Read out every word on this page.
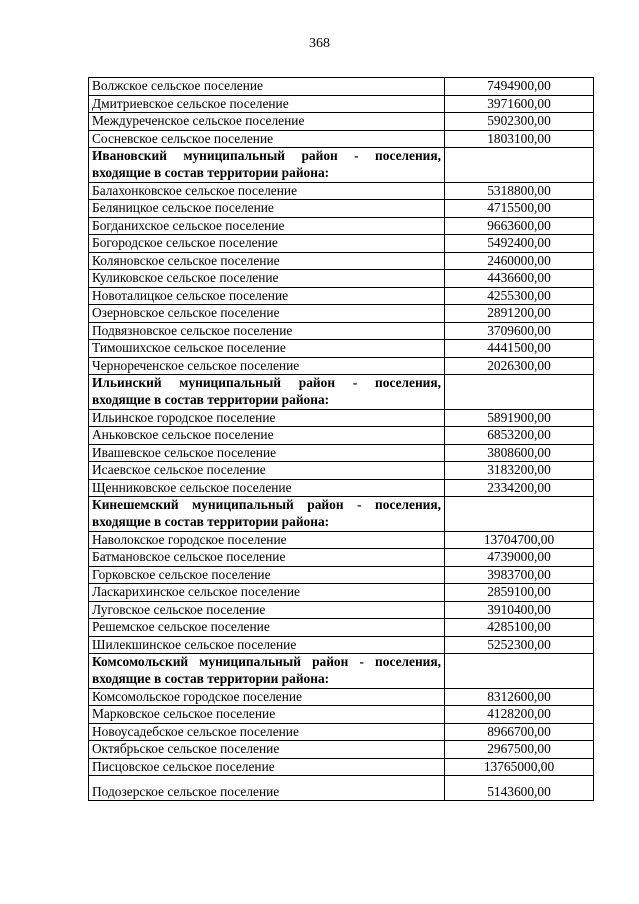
368
Волжское сельское поселение	7494900,00
Дмитриевское сельское поселение	3971600,00
Междуреченское сельское поселение	5902300,00
Сосневское сельское поселение	1803100,00
Ивановский муниципальный район - поселения, входящие в состав территории района:	
Балахонковское сельское поселение	5318800,00
Беляницкое сельское поселение	4715500,00
Богданихское сельское поселение	9663600,00
Богородское сельское поселение	5492400,00
Коляновское сельское поселение	2460000,00
Куликовское сельское поселение	4436600,00
Новоталицкое сельское поселение	4255300,00
Озерновское сельское поселение	2891200,00
Подвязновское сельское поселение	3709600,00
Тимошихское сельское поселение	4441500,00
Чернореченское сельское поселение	2026300,00
Ильинский муниципальный район - поселения, входящие в состав территории района:	
Ильинское городское поселение	5891900,00
Аньковское сельское поселение	6853200,00
Ивашевское сельское поселение	3808600,00
Исаевское сельское поселение	3183200,00
Щенниковское сельское поселение	2334200,00
Кинешемский муниципальный район - поселения, входящие в состав территории района:	
Наволокское городское поселение	13704700,00
Батмановское сельское поселение	4739000,00
Горковское сельское поселение	3983700,00
Ласкарихинское сельское поселение	2859100,00
Луговское сельское поселение	3910400,00
Решемское сельское поселение	4285100,00
Шилекшинское сельское поселение	5252300,00
Комсомольский муниципальный район - поселения, входящие в состав территории района:	
Комсомольское городское поселение	8312600,00
Марковское сельское поселение	4128200,00
Новоусадебское сельское поселение	8966700,00
Октябрьское сельское поселение	2967500,00
Писцовское сельское поселение	13765000,00
Подозерское сельское поселение	5143600,00
